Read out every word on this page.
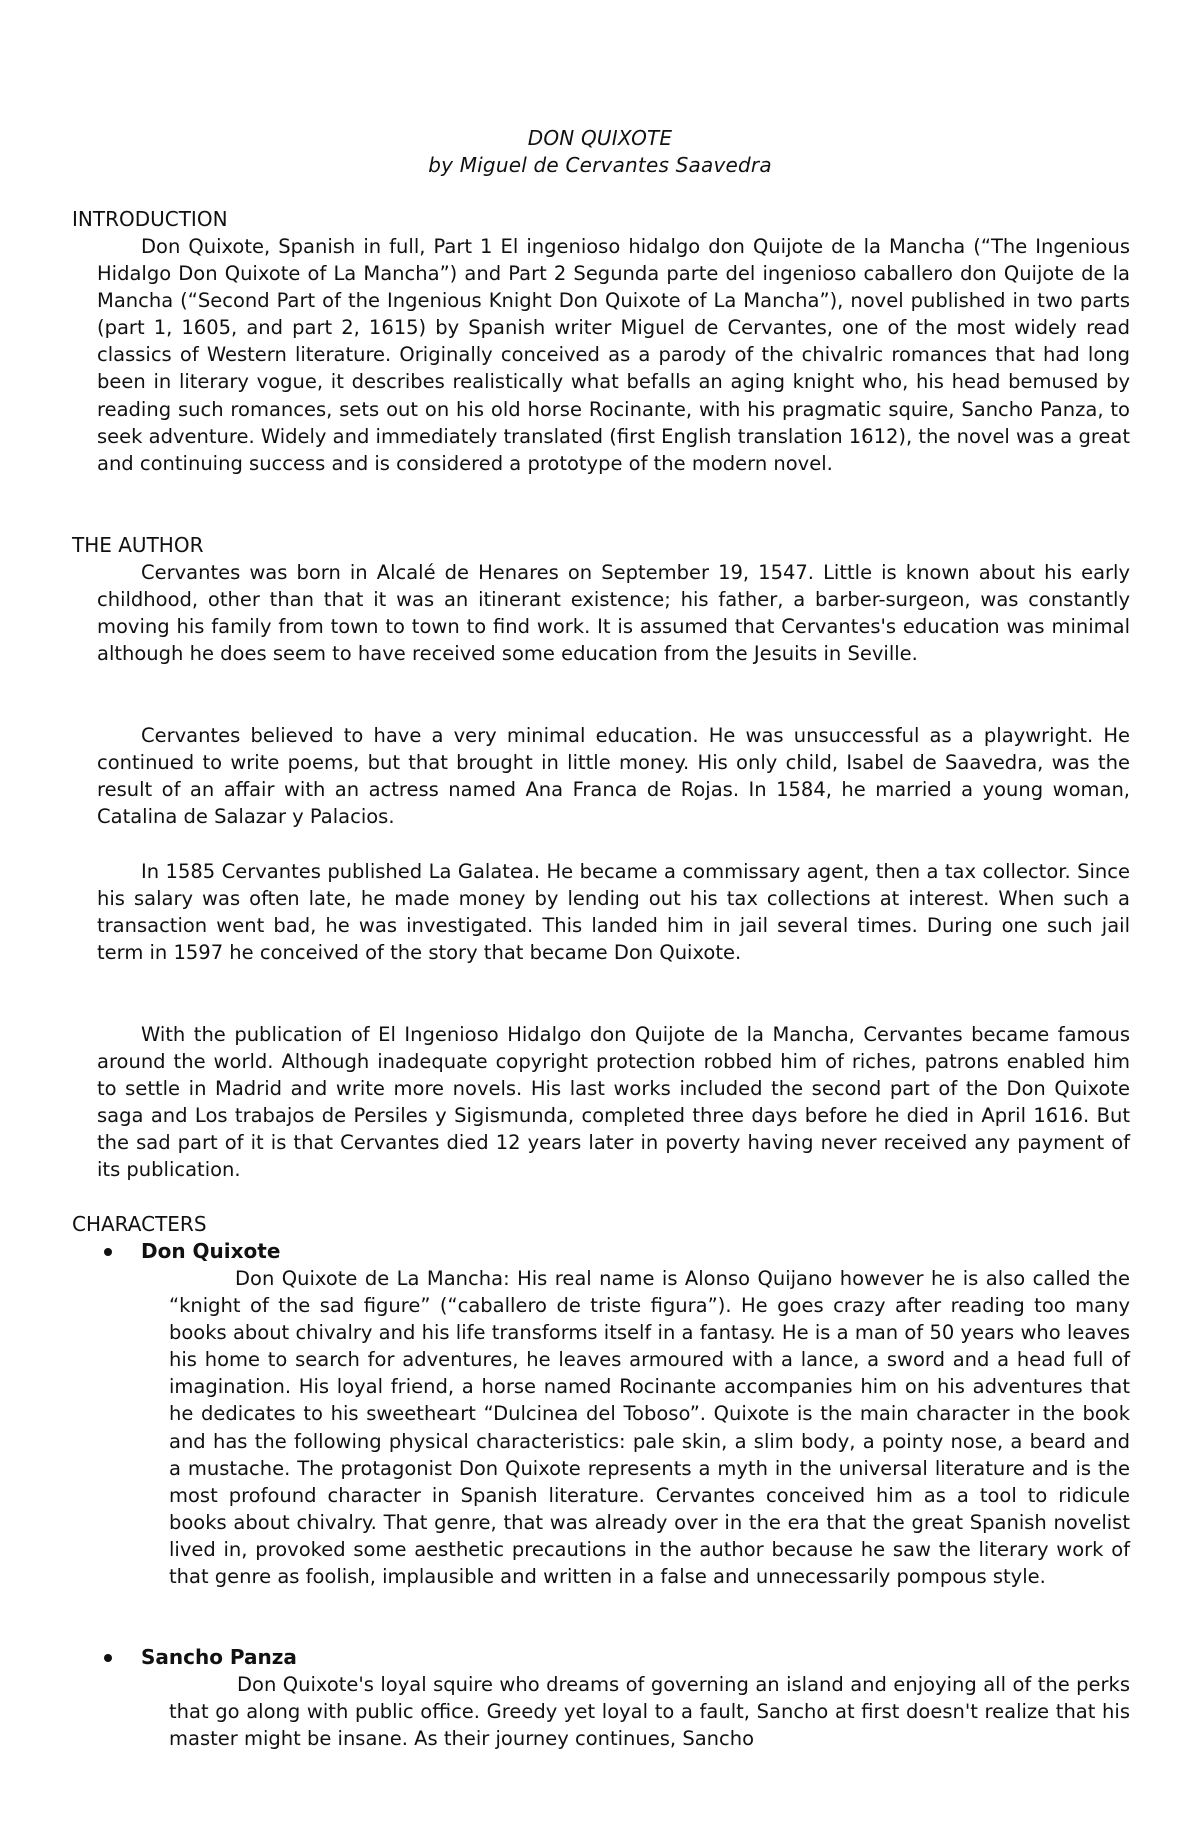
DON QUIXOTE
by Miguel de Cervantes Saavedra
INTRODUCTION

Don Quixote, Spanish in full, Part 1 El ingenioso hidalgo don Quijote de la Mancha (“The Ingenious Hidalgo Don Quixote of La Mancha”) and Part 2 Segunda parte del ingenioso caballero don Quijote de la Mancha (“Second Part of the Ingenious Knight Don Quixote of La Mancha”), novel published in two parts (part 1, 1605, and part 2, 1615) by Spanish writer Miguel de Cervantes, one of the most widely read classics of Western literature. Originally conceived as a parody of the chivalric romances that had long been in literary vogue, it describes realistically what befalls an aging knight who, his head bemused by reading such romances, sets out on his old horse Rocinante, with his pragmatic squire, Sancho Panza, to seek adventure. Widely and immediately translated (first English translation 1612), the novel was a great and continuing success and is considered a prototype of the modern novel.

THE AUTHOR

Cervantes was born in Alcalé de Henares on September 19, 1547. Little is known about his early childhood, other than that it was an itinerant existence; his father, a barber-surgeon, was constantly moving his family from town to town to find work. It is assumed that Cervantes's education was minimal although he does seem to have received some education from the Jesuits in Seville.

Cervantes believed to have a very minimal education. He was unsuccessful as a playwright. He continued to write poems, but that brought in little money. His only child, Isabel de Saavedra, was the result of an affair with an actress named Ana Franca de Rojas. In 1584, he married a young woman, Catalina de Salazar y Palacios.

In 1585 Cervantes published La Galatea. He became a commissary agent, then a tax collector. Since his salary was often late, he made money by lending out his tax collections at interest. When such a transaction went bad, he was investigated. This landed him in jail several times. During one such jail term in 1597 he conceived of the story that became Don Quixote.

With the publication of El Ingenioso Hidalgo don Quijote de la Mancha, Cervantes became famous around the world. Although inadequate copyright protection robbed him of riches, patrons enabled him to settle in Madrid and write more novels. His last works included the second part of the Don Quixote saga and Los trabajos de Persiles y Sigismunda, completed three days before he died in April 1616. But the sad part of it is that Cervantes died 12 years later in poverty having never received any payment of its publication.

CHARACTERS
Don Quixote

Don Quixote de La Mancha: His real name is Alonso Quijano however he is also called the “knight of the sad figure” (“caballero de triste figura”). He goes crazy after reading too many books about chivalry and his life transforms itself in a fantasy. He is a man of 50 years who leaves his home to search for adventures, he leaves armoured with a lance, a sword and a head full of imagination. His loyal friend, a horse named Rocinante accompanies him on his adventures that he dedicates to his sweetheart “Dulcinea del Toboso”. Quixote is the main character in the book and has the following physical characteristics: pale skin, a slim body, a pointy nose, a beard and a mustache. The protagonist Don Quixote represents a myth in the universal literature and is the most profound character in Spanish literature. Cervantes conceived him as a tool to ridicule books about chivalry. That genre, that was already over in the era that the great Spanish novelist lived in, provoked some aesthetic precautions in the author because he saw the literary work of that genre as foolish, implausible and written in a false and unnecessarily pompous style.

Sancho Panza

Don Quixote's loyal squire who dreams of governing an island and enjoying all of the perks that go along with public office. Greedy yet loyal to a fault, Sancho at first doesn't realize that his master might be insane. As their journey continues, Sancho
